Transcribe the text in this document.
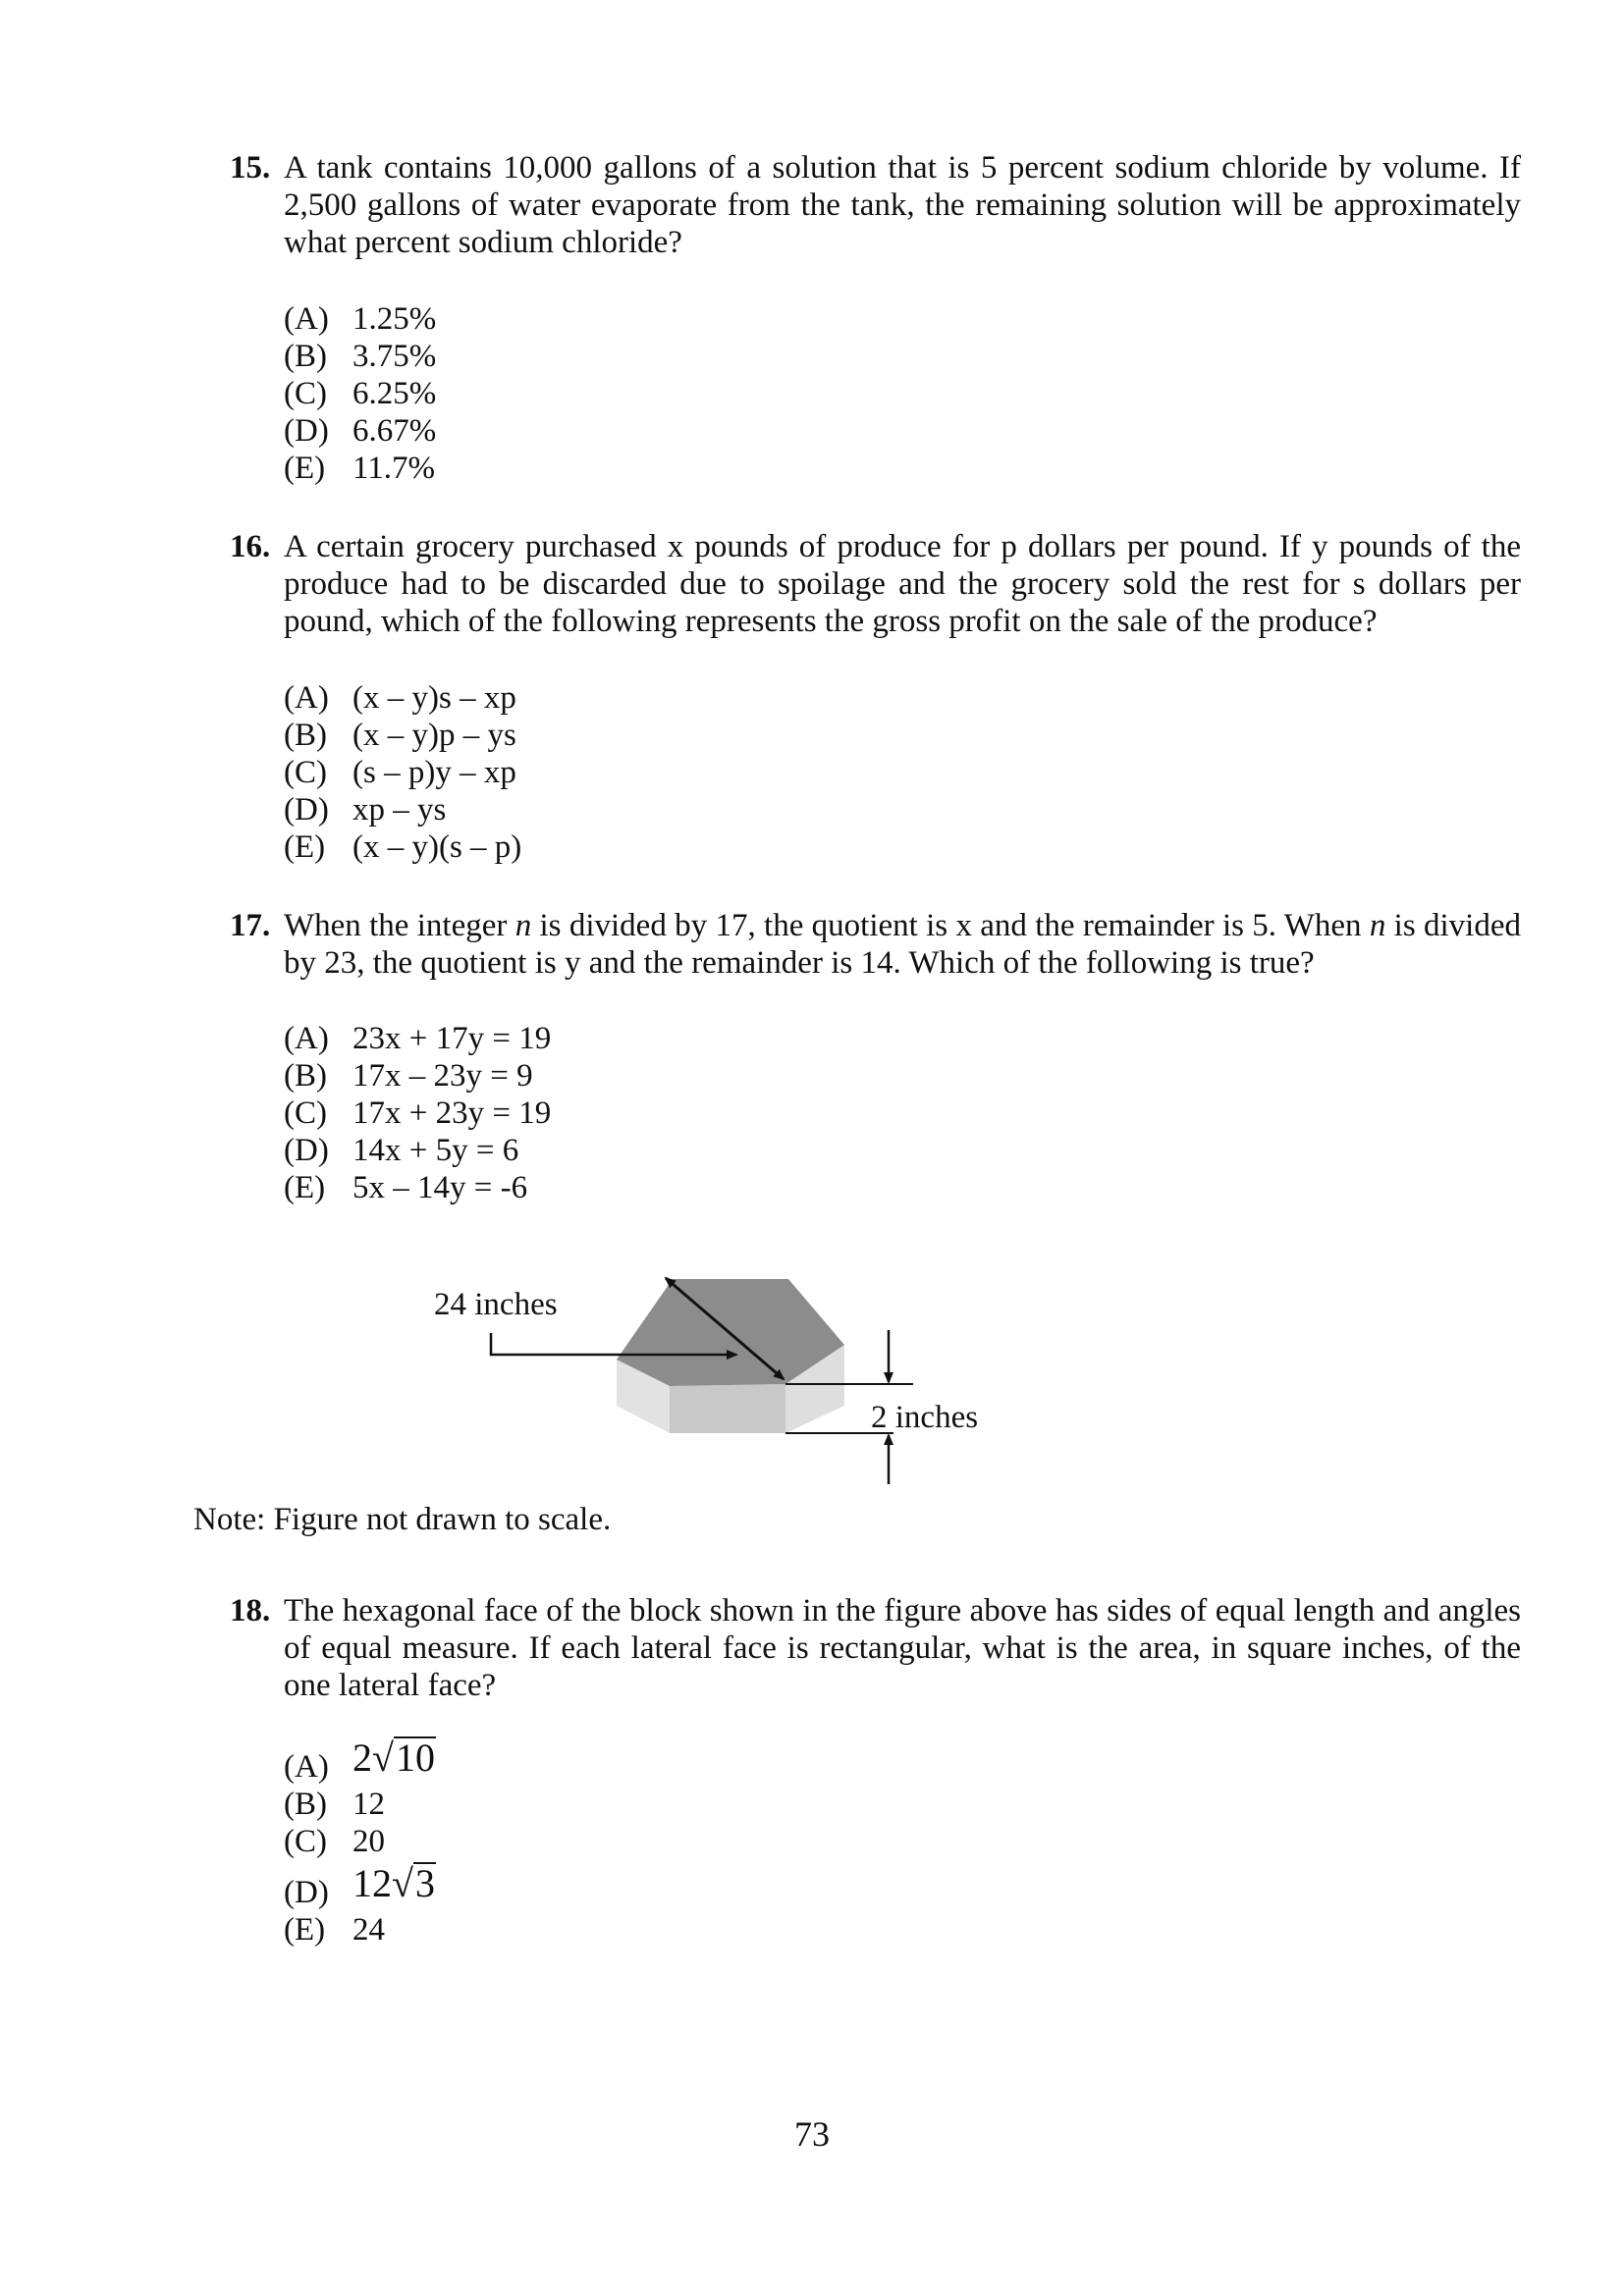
15. A tank contains 10,000 gallons of a solution that is 5 percent sodium chloride by volume. If 2,500 gallons of water evaporate from the tank, the remaining solution will be approximately what percent sodium chloride?
(A) 1.25%
(B) 3.75%
(C) 6.25%
(D) 6.67%
(E) 11.7%
16. A certain grocery purchased x pounds of produce for p dollars per pound. If y pounds of the produce had to be discarded due to spoilage and the grocery sold the rest for s dollars per pound, which of the following represents the gross profit on the sale of the produce?
(A) (x – y)s – xp
(B) (x – y)p – ys
(C) (s – p)y – xp
(D) xp – ys
(E) (x – y)(s – p)
17. When the integer n is divided by 17, the quotient is x and the remainder is 5. When n is divided by 23, the quotient is y and the remainder is 14. Which of the following is true?
(A) 23x + 17y = 19
(B) 17x – 23y = 9
(C) 17x + 23y = 19
(D) 14x + 5y = 6
(E) 5x – 14y = -6
24 inches
2 inches
Note: Figure not drawn to scale.
18. The hexagonal face of the block shown in the figure above has sides of equal length and angles of equal measure. If each lateral face is rectangular, what is the area, in square inches, of the one lateral face?
(A) 2√10
(B) 12
(C) 20
(D) 12√3
(E) 24
73
